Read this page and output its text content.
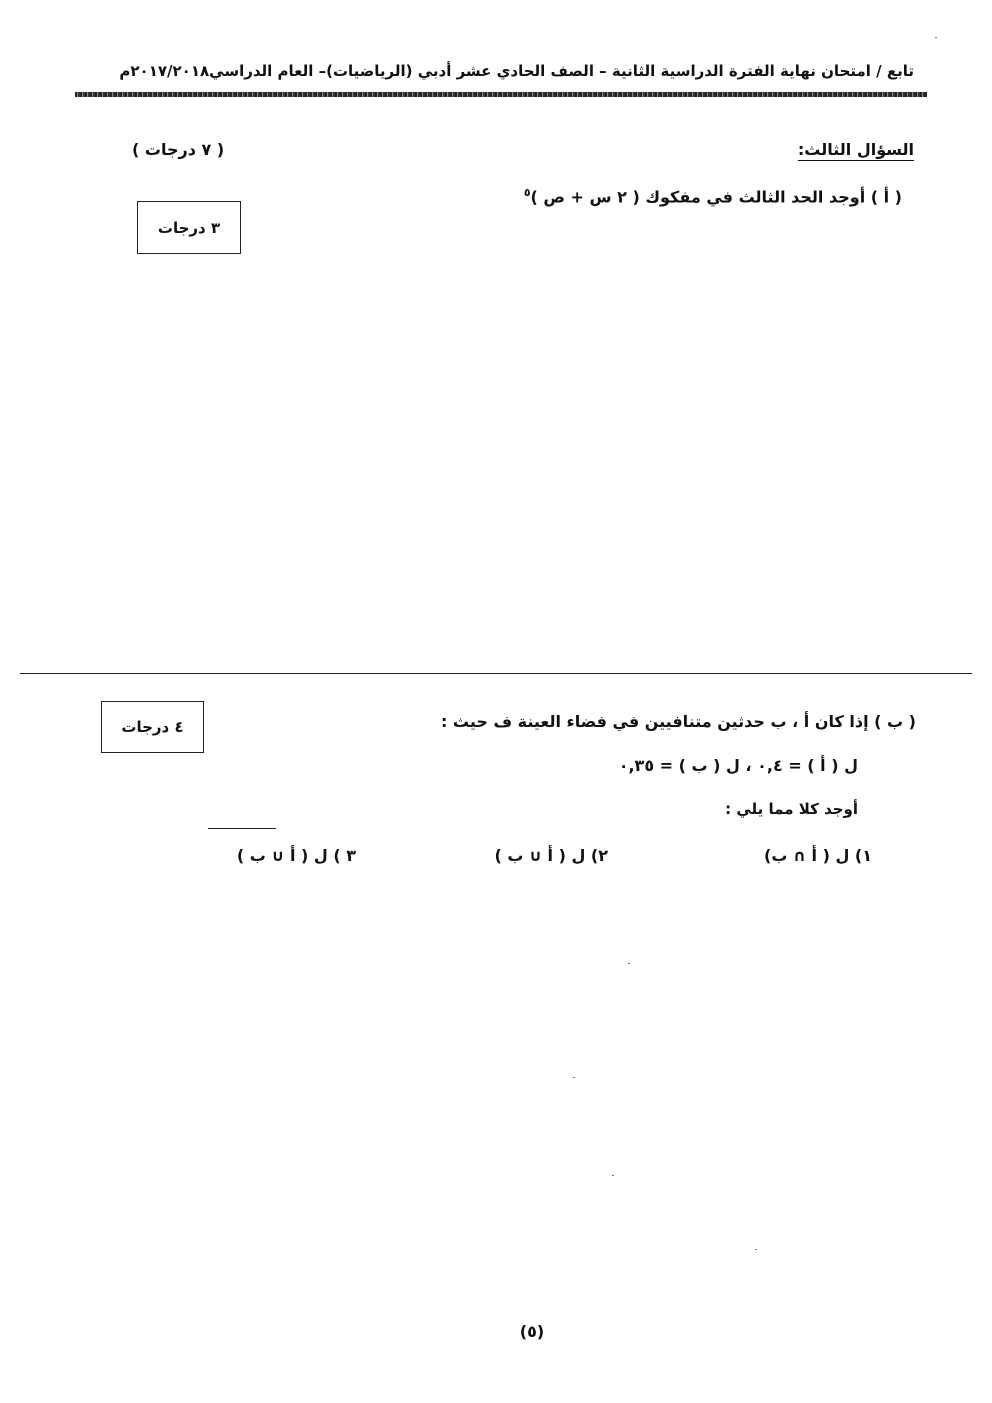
تابع / امتحان نهاية الفترة الدراسية الثانية – الصف الحادي عشر أدبي (الرياضيات)– العام الدراسي٢٠١٧/٢٠١٨م
السؤال الثالث:
( ٧ درجات )
( أ ) أوجد الحد الثالث في مفكوك ( ٢ س + ص )$^٥$
٣ درجات
( ب ) إذا كان أ ، ب حدثين متنافيين في فضاء العينة ف حيث :
٤ درجات
ل ( أ ) = ٠,٤ ، ل ( ب ) = ٠,٣٥
أوجد كلا مما يلي :
١) ل ( أ ∩ ب)
٢) ل ( أ ∪ ب )
٣ ) ل ( أ ∪ ب )
(٥)
